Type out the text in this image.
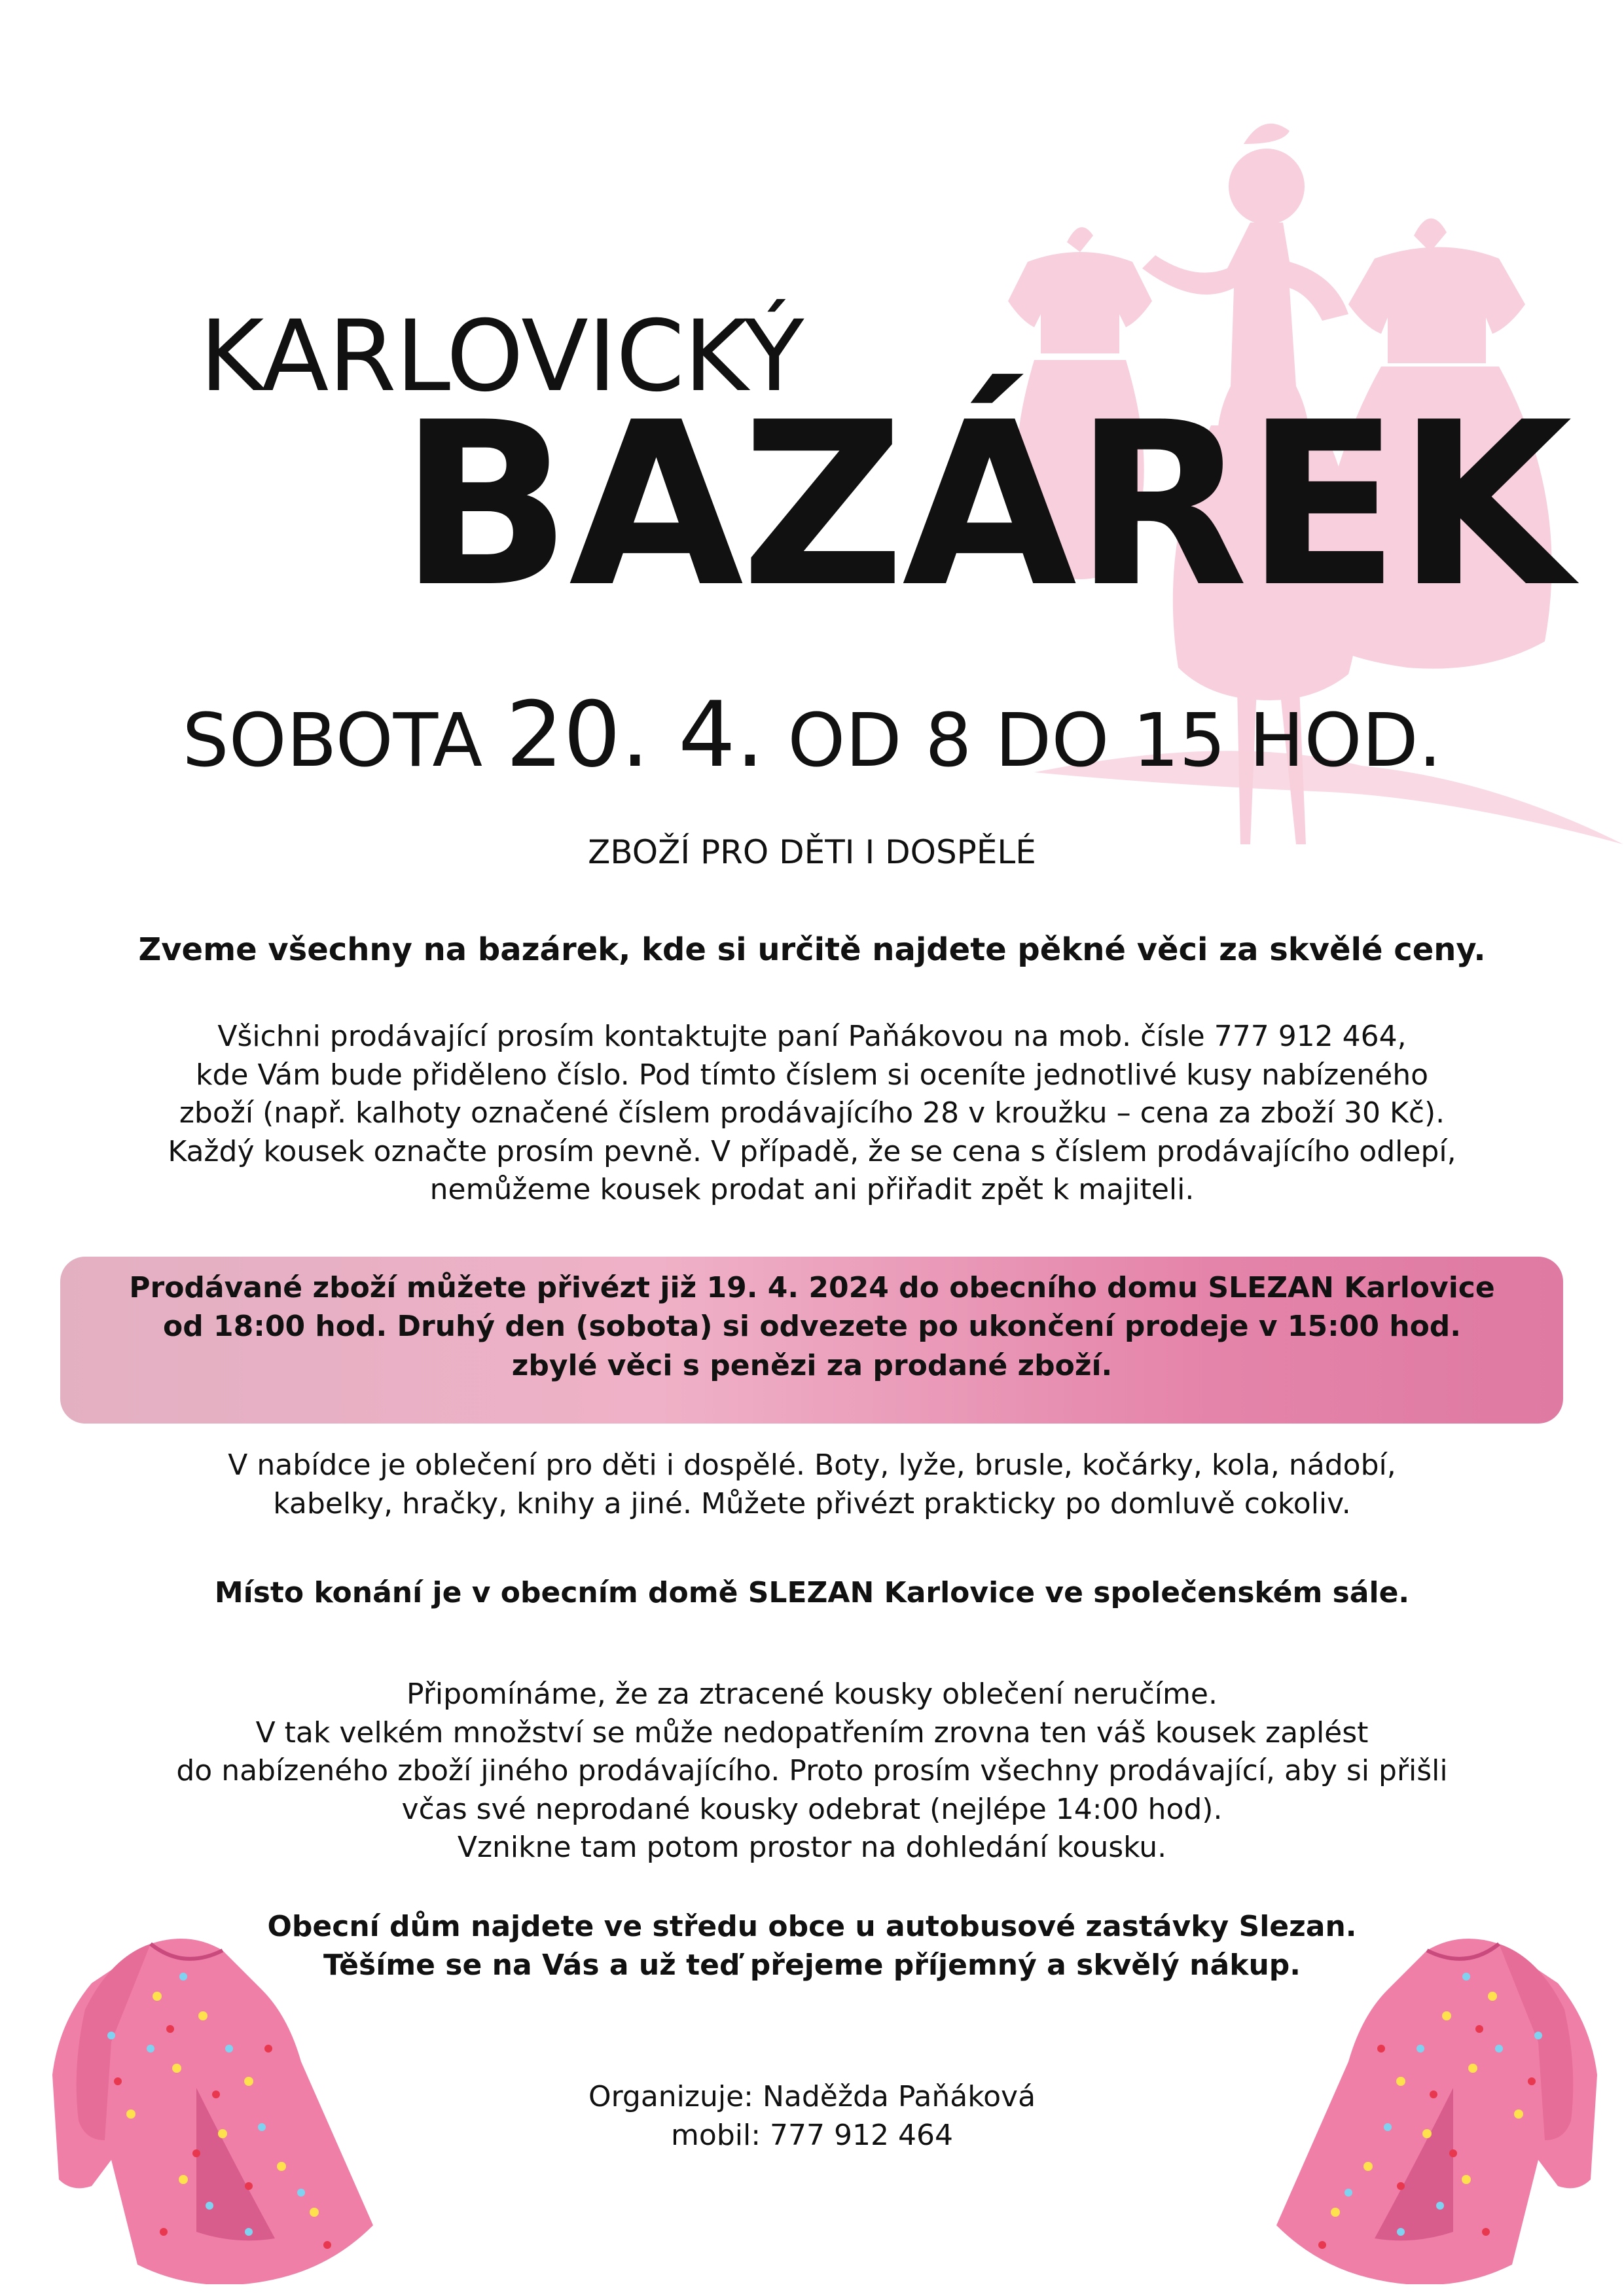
KARLOVICKÝ
BAZÁREK
SOBOTA 20. 4. OD 8 DO 15 HOD.
ZBOŽÍ PRO DĚTI I DOSPĚLÉ
Zveme všechny na bazárek, kde si určitě najdete pěkné věci za skvělé ceny.
Všichni prodávající prosím kontaktujte paní Paňákovou na mob. čísle 777 912 464,
kde Vám bude přiděleno číslo. Pod tímto číslem si oceníte jednotlivé kusy nabízeného
zboží (např. kalhoty označené číslem prodávajícího 28 v kroužku – cena za zboží 30 Kč).
Každý kousek označte prosím pevně. V případě, že se cena s číslem prodávajícího odlepí,
nemůžeme kousek prodat ani přiřadit zpět k majiteli.
Prodávané zboží můžete přivézt již 19. 4. 2024 do obecního domu SLEZAN Karlovice
od 18:00 hod. Druhý den (sobota) si odvezete po ukončení prodeje v 15:00 hod.
zbylé věci s penězi za prodané zboží.
V nabídce je oblečení pro děti i dospělé. Boty, lyže, brusle, kočárky, kola, nádobí,
kabelky, hračky, knihy a jiné. Můžete přivézt prakticky po domluvě cokoliv.
Místo konání je v obecním domě SLEZAN Karlovice ve společenském sále.
Připomínáme, že za ztracené kousky oblečení neručíme.
V tak velkém množství se může nedopatřením zrovna ten váš kousek zaplést
do nabízeného zboží jiného prodávajícího. Proto prosím všechny prodávající, aby si přišli
včas své neprodané kousky odebrat (nejlépe 14:00 hod).
Vznikne tam potom prostor na dohledání kousku.
Obecní dům najdete ve středu obce u autobusové zastávky Slezan.
Těšíme se na Vás a už teď přejeme příjemný a skvělý nákup.
Organizuje: Naděžda Paňáková
mobil: 777 912 464
